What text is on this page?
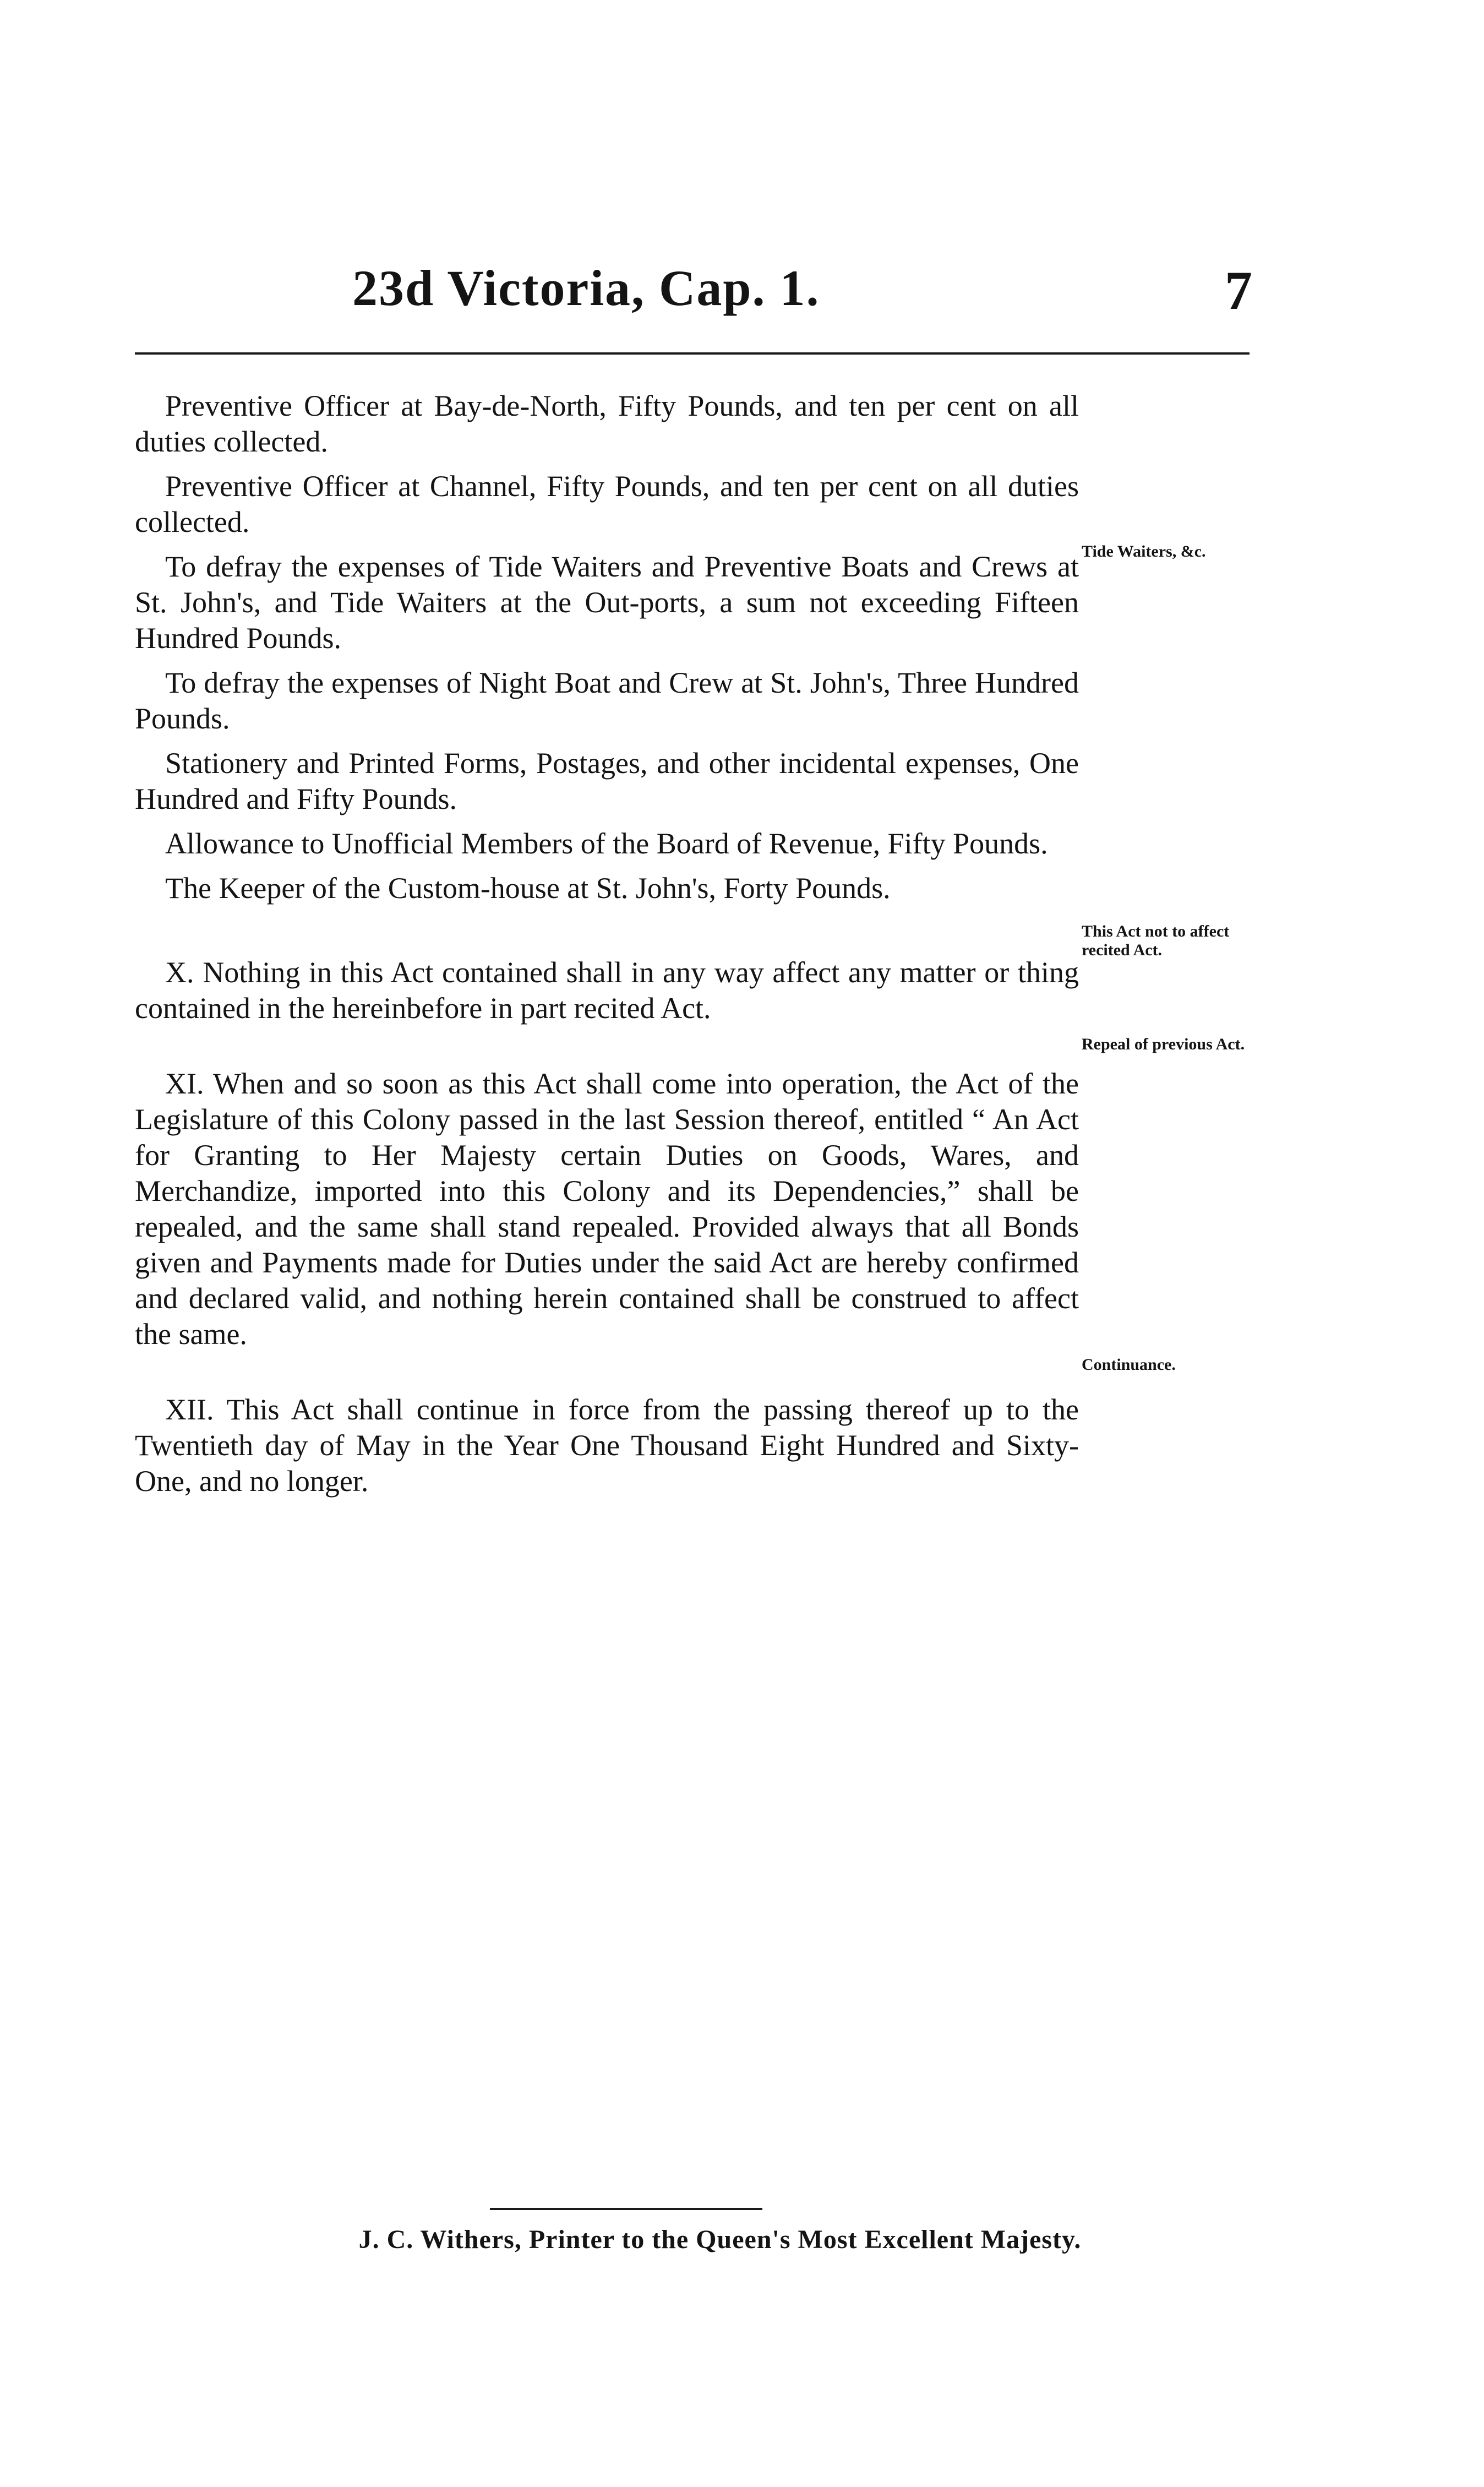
23d Victoria, Cap. 1.	7

Preventive Officer at Bay-de-North, Fifty Pounds, and ten per cent on all duties collected.

Preventive Officer at Channel, Fifty Pounds, and ten per cent on all duties collected.

To defray the expenses of Tide Waiters and Preventive Boats and Crews at St. John's, and Tide Waiters at the Out-ports, a sum not exceeding Fifteen Hundred Pounds.

To defray the expenses of Night Boat and Crew at St. John's, Three Hundred Pounds.

Stationery and Printed Forms, Postages, and other incidental expenses, One Hundred and Fifty Pounds.

Allowance to Unofficial Members of the Board of Revenue, Fifty Pounds.

The Keeper of the Custom-house at St. John's, Forty Pounds.

X. Nothing in this Act contained shall in any way affect any matter or thing contained in the hereinbefore in part recited Act.

XI. When and so soon as this Act shall come into operation, the Act of the Legislature of this Colony passed in the last Session thereof, entitled “ An Act for Granting to Her Majesty certain Duties on Goods, Wares, and Merchandize, imported into this Colony and its Dependencies,” shall be repealed, and the same shall stand repealed. Provided always that all Bonds given and Payments made for Duties under the said Act are hereby confirmed and declared valid, and nothing herein contained shall be construed to affect the same.

XII. This Act shall continue in force from the passing thereof up to the Twentieth day of May in the Year One Thousand Eight Hundred and Sixty-One, and no longer.

Tide Waiters, &c.
This Act not to affect recited Act.
Repeal of previous Act.
Continuance.
J. C. Withers, Printer to the Queen's Most Excellent Majesty.
